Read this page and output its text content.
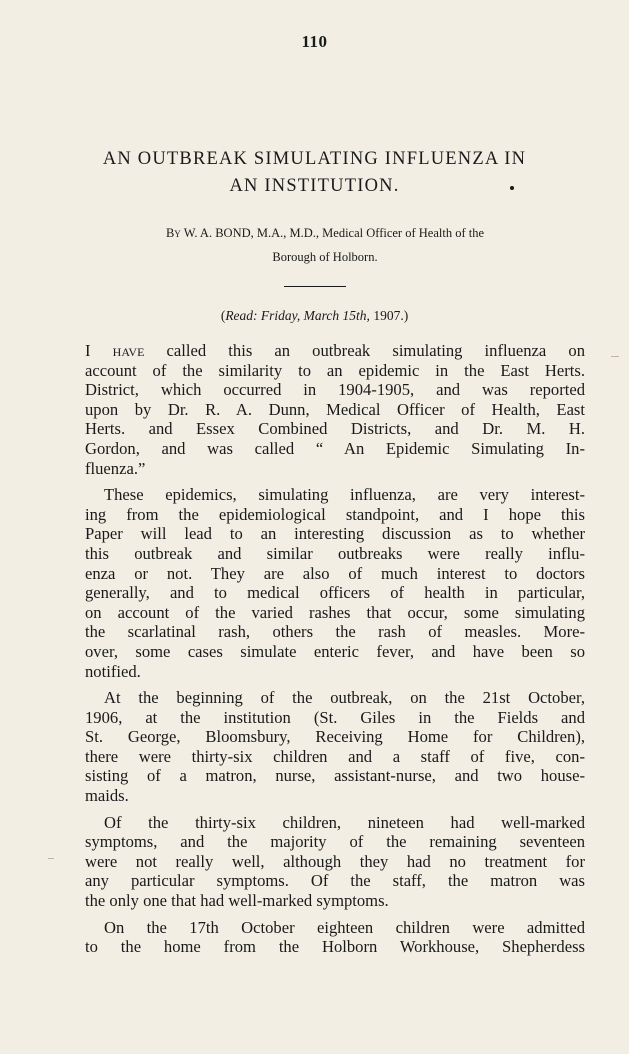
110
AN OUTBREAK SIMULATING INFLUENZA IN
AN INSTITUTION.
By W. A. BOND, M.A., M.D., Medical Officer of Health of the
Borough of Holborn.
(Read: Friday, March 15th, 1907.)
I have called this an outbreak simulating influenza on
account of the similarity to an epidemic in the East Herts.
District, which occurred in 1904-1905, and was reported
upon by Dr. R. A. Dunn, Medical Officer of Health, East
Herts. and Essex Combined Districts, and Dr. M. H.
Gordon, and was called “ An Epidemic Simulating In-
fluenza.”
These epidemics, simulating influenza, are very interest-
ing from the epidemiological standpoint, and I hope this
Paper will lead to an interesting discussion as to whether
this outbreak and similar outbreaks were really influ-
enza or not. They are also of much interest to doctors
generally, and to medical officers of health in particular,
on account of the varied rashes that occur, some simulating
the scarlatinal rash, others the rash of measles. More-
over, some cases simulate enteric fever, and have been so
notified.
At the beginning of the outbreak, on the 21st October,
1906, at the institution (St. Giles in the Fields and
St. George, Bloomsbury, Receiving Home for Children),
there were thirty-six children and a staff of five, con-
sisting of a matron, nurse, assistant-nurse, and two house-
maids.
Of the thirty-six children, nineteen had well-marked
symptoms, and the majority of the remaining seventeen
were not really well, although they had no treatment for
any particular symptoms. Of the staff, the matron was
the only one that had well-marked symptoms.
On the 17th October eighteen children were admitted
to the home from the Holborn Workhouse, Shepherdess
